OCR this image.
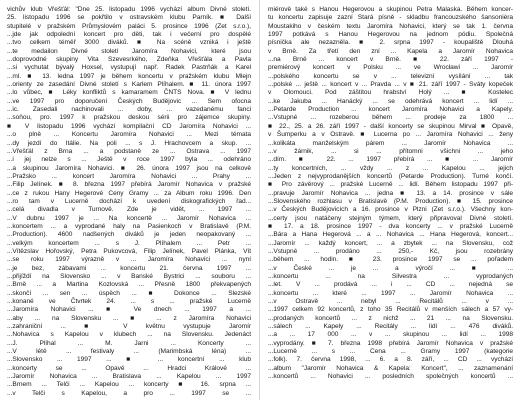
vichův klub Vřešťál: "Dne 25. listopadu 1996 vychází album Divné století.
25. listopadu 1996 se pokřtilo v ostravském klubu Parník. ■ Další
stupitelé v pražském Průmyslovém paláci 5. prosince 1996 (Zet s.r.o.),
...jde jak odpolední koncert pro děti, tak i večerní pro dospělé
...tvo celkem téměř 3000 diváků. ■ Na scéně vzniká i ještě
...te medailon Divné století Jaromíra Nohavici, které jsou
...doprovodné skupiny Vita Szevesrkého, Zdeňka Vřešťála a Pavla
...si vychutat bývalý Hoxsel, vystupují např. Radek Pastrňák a Karel
...ml. ■ 13. ledna 1997 je během koncertu v pražském klubu Mlejn
...orienty ze zasedání Divné století s Karlem Plíhalem. ■ 11. února 1997
...lo vůbec, ■ Léky konfliktů s kamaramem ČNTS Nova. ■ V lednu
...ve 1997 pro doporučení Českých Budějovic ... Sem ofocna
...ic. Zasedali nachinovali ... doby, ... vazedanému fanci
...soňou, pro. 1997 k pražskou deskou sérii pro zájemce skupiny.
■ V listopadu 1996 vychází kompilační CD Jaromíra Nohavici ...
...o plně ... Koncertu Jaromíra Nohavici ... Mezi témata
...dy jezdí do Itálie. Na poli ... s J. Hrachovcem a skup. ...
...Vřešťál z Brna ... a podstaně ze ... Ostrava ... 1997
...i jej nelze s ... Ještě v roce 1997 byla ... odehráno
...a skupinou Jaromíra Nohavici. ■ 26. února 1997 jsou na celkově
...Pražsko ... koncert Jaromíra Nohavici ... Prahy ...
...Filip Jelínek. ■ 8. března 1997 přebírá Jaromír Nohavica v pražské
...ce z rukou Hany Hegerové Ceny Gramy ... za Album roku 1996. Den
...ro tam v Lucerně dochází k uvedení diskografických řad...
...celá divadla v Turnově. Zde je vidět, ... 1997 ...
...V dubnu 1997 je ... Na koncertě ... Jaromír Nohavica ...
...koncertem ... a vyprodané haly na Pasienkoch v Bratislavě (P.M.
...Production). 4600 nadšených diváků je jeden neopakovaný ...
...velkým koncertem ... s J. Plíhalem ... Petr ...
...Vítězslav Hořovský, Petra Pukovcová, Filip Jelínek, Pavel Plánka, Vít
...se roku 1997 výrazně v ... Jaromíra Nohavici ... nyní
...je bez, zábavami ... koncertu 21. června 1997 ...
...přijíždí na Slovensko ... v Banské Bystrici ... souboru ...
...Brně ... a Martina Kozlovská ... Přesně 1800 překvapených
...skončí ... sen ... úspěch ... ■ Dokonce ... Slezské
...konané ve Čtvrtek 24. ... s ... pražské Lucerně
...Jaromíra Nohavici ... ■ Ve dnech ... 1997 a ...
...aby ... na Slovensku ... ■ ... z Jaromíra Nohavici
...zahraniční ... ■ V květnu vystupuje Jaromír
...Nohavica s Kapelou v klubech ... na Slovensku. Jedenáct
...J. Plíhal ... M. Jarni ... Koncerty ...
...V létě ... festivaly ... (Marimbská léna) ...
...Slovensko ... 1997 ... ■ ... koncertní ... klub
...koncerty se ... Opavě ... Hradci Králové ...
...Jaromír Nohavica ... Bratislava ... Kapelou ... 1997
...Brnem ... Telči ... Kapelou ... koncerty ■ 16. srpna ...
...v Telči s Kapelou, a pro ... 1997 se ...
miérově také s Hanou Hegerovou a skupinou Petra Malaska. Během koncer-
tu koncertu zapisuje zazní Stará písně - skladbu francouzského šansoniéra
Moustakiho v českém textu Jaromíra Nohavici, který se tak 1. června
1997 potkává s Hanou Hegerovou na jednom pódiu. Společná
písnička ale nezazněla. ■ 2. srpna 1997 - koupaliště Dlouhá
v Brně. Za třetí den zní ... Kapela a Jaromír Nohavica
...na Brně ... koncert v Brně. ■ 22. září 1997 -
premiérový koncert v Polsku ... ve Wrocławi ... Jaromír
...polského koncertu se v ... televizní vysílání ... tak
...polské ... ještě ... koncert v ... Pravda ... v ■ 21. září 1997 - Sváty kopeček
v Olomouci. Pod záštitou hrabství Holý ... ■ Kostelec
...ke Jakuba ... Hanácký ... se odehrává koncert ... lidí ...
...Petarde Production ... koncert Jaromíra Nohavici a Kapely.
...Vstupné ... rozeberou během ... prodeje za 1800 ...
■ 22., 25. a 26. září 1997 - další koncerty se skupinou Mirval ■ Opavě,
v Šumperku a v Ostravě. ■ Lucerna po ... Jaromíra Nohavici ... ženy
...kolikáta manželským párem ... Jaromír Nohavica ...
...v žárnik, ... si ... přítomni všichni ... jeho
...dím. ■ 22. ... 1997 přebírá ... ■ ... Jaromír
...ty koncertních, ... vždy ... z ... Kapelou ... jejich
...Jeden z nejvyprodanějších koncertů (Petarde Production). Turné končí.
■ Pro závěrový ... pražské Lucerně ... lidí. Během listopadu 1997 při-
...pravuje Jaromír Nohavica ... jedna ■ 13. a 14. prosince v sále
...Slovenského rozhlasu v Bratislavě (P.M. Production). ■ 15. prosince
...v Českých Budějovicích a 16. prosince v Plzni (Zet s.r.o.). Všechny kon-
...certy jsou natáčeny stejným týmem, který připravoval Divné století.
■ 17. a 18. prosince 1997 - dva koncerty ... v pražské Lucerně
...Bára a Hana Hegerová ... a ... Nohavica ... Hana Hegerová, koncert...
...Jaromír ... každý koncert, ... a zbytek ... na Slovensku, což
...Vstupné ... prodáno ... 250,- Kč, jsou rozebrány
...během ... hodin. ■ 23. prosince 1997 se ... pořadem
...v České ... je ... a výročí ... ■ ...
...koncertu ... na Silvestra ... vyprodaných
...let. V ... prodává ... i ... CD ... nejedná se
...koncertu ... které ... 1997 ... Jaromír Nohavica ...
...v Ostravě ... nebyl ... Recitálů ... v ...
...1997 celkem 92 koncertů, z toho 35 Recitálů v menších sálech a 57 vy-
...prodaných koncertů ... z nichž ... 21 ... na Slovensku.
...sálech ... Kapely ... Recitály ... lidí ... 476 diváků.
...a ... 17 000 ... v ... skupinou ... lidí ... 1998
...vyprodány. ■ 7. března 1998 přebírá Jaromír Nohavica v pražské
...Lucerně ... s ... Cena ... Gramy 1997 (kategorie
...folk). 7. června 1998, ... 6. a 8. září, ... CD ... vychází
...album "Jaromír Nohavica & Kapela: Koncert", ... zaznamenání
...koncertů ... Nohavici ... posledních společných koncertů ...
